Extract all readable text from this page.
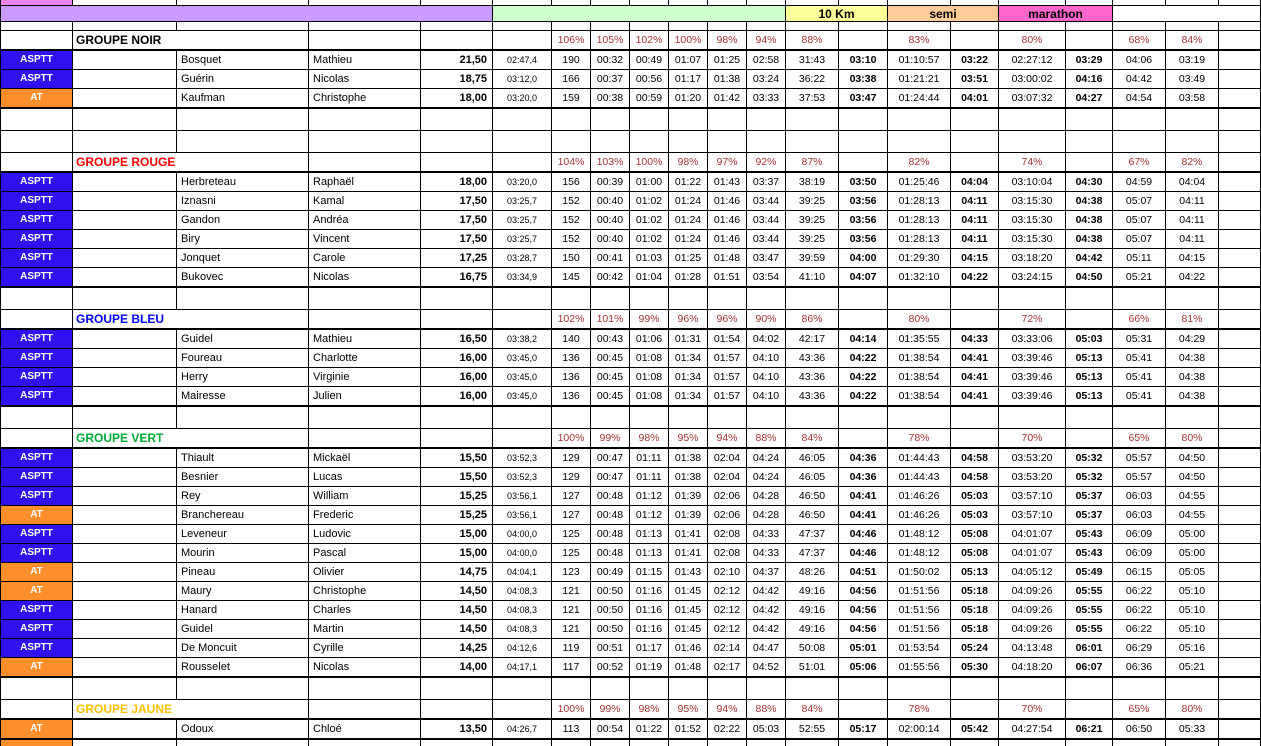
												10 Km		semi		marathon				

	GROUPE NOIR					106%	105%	102%	100%	98%	94%	88%		83%		80%		68%	84%	
ASPTT		Bosquet	Mathieu	21,50	02:47,4	190	00:32	00:49	01:07	01:25	02:58	31:43	03:10	01:10:57	03:22	02:27:12	03:29	04:06	03:19	
ASPTT		Guérin	Nicolas	18,75	03:12,0	166	00:37	00:56	01:17	01:38	03:24	36:22	03:38	01:21:21	03:51	03:00:02	04:16	04:42	03:49	
AT		Kaufman	Christophe	18,00	03:20,0	159	00:38	00:59	01:20	01:42	03:33	37:53	03:47	01:24:44	04:01	03:07:32	04:27	04:54	03:58	

	GROUPE ROUGE					104%	103%	100%	98%	97%	92%	87%		82%		74%		67%	82%	
ASPTT		Herbreteau	Raphaël	18,00	03:20,0	156	00:39	01:00	01:22	01:43	03:37	38:19	03:50	01:25:46	04:04	03:10:04	04:30	04:59	04:04	
ASPTT		Iznasni	Kamal	17,50	03:25,7	152	00:40	01:02	01:24	01:46	03:44	39:25	03:56	01:28:13	04:11	03:15:30	04:38	05:07	04:11	
ASPTT		Gandon	Andréa	17,50	03:25,7	152	00:40	01:02	01:24	01:46	03:44	39:25	03:56	01:28:13	04:11	03:15:30	04:38	05:07	04:11	
ASPTT		Biry	Vincent	17,50	03:25,7	152	00:40	01:02	01:24	01:46	03:44	39:25	03:56	01:28:13	04:11	03:15:30	04:38	05:07	04:11	
ASPTT		Jonquet	Carole	17,25	03:28,7	150	00:41	01:03	01:25	01:48	03:47	39:59	04:00	01:29:30	04:15	03:18:20	04:42	05:11	04:15	
ASPTT		Bukovec	Nicolas	16,75	03:34,9	145	00:42	01:04	01:28	01:51	03:54	41:10	04:07	01:32:10	04:22	03:24:15	04:50	05:21	04:22	

	GROUPE BLEU					102%	101%	99%	96%	96%	90%	86%		80%		72%		66%	81%	
ASPTT		Guidel	Mathieu	16,50	03:38,2	140	00:43	01:06	01:31	01:54	04:02	42:17	04:14	01:35:55	04:33	03:33:06	05:03	05:31	04:29	
ASPTT		Foureau	Charlotte	16,00	03:45,0	136	00:45	01:08	01:34	01:57	04:10	43:36	04:22	01:38:54	04:41	03:39:46	05:13	05:41	04:38	
ASPTT		Herry	Virginie	16,00	03:45,0	136	00:45	01:08	01:34	01:57	04:10	43:36	04:22	01:38:54	04:41	03:39:46	05:13	05:41	04:38	
ASPTT		Mairesse	Julien	16,00	03:45,0	136	00:45	01:08	01:34	01:57	04:10	43:36	04:22	01:38:54	04:41	03:39:46	05:13	05:41	04:38	

	GROUPE VERT					100%	99%	98%	95%	94%	88%	84%		78%		70%		65%	80%	
ASPTT		Thiault	Mickaël	15,50	03:52,3	129	00:47	01:11	01:38	02:04	04:24	46:05	04:36	01:44:43	04:58	03:53:20	05:32	05:57	04:50	
ASPTT		Besnier	Lucas	15,50	03:52,3	129	00:47	01:11	01:38	02:04	04:24	46:05	04:36	01:44:43	04:58	03:53:20	05:32	05:57	04:50	
ASPTT		Rey	William	15,25	03:56,1	127	00:48	01:12	01:39	02:06	04:28	46:50	04:41	01:46:26	05:03	03:57:10	05:37	06:03	04:55	
AT		Branchereau	Frederic	15,25	03:56,1	127	00:48	01:12	01:39	02:06	04:28	46:50	04:41	01:46:26	05:03	03:57:10	05:37	06:03	04:55	
ASPTT		Leveneur	Ludovic	15,00	04:00,0	125	00:48	01:13	01:41	02:08	04:33	47:37	04:46	01:48:12	05:08	04:01:07	05:43	06:09	05:00	
ASPTT		Mourin	Pascal	15,00	04:00,0	125	00:48	01:13	01:41	02:08	04:33	47:37	04:46	01:48:12	05:08	04:01:07	05:43	06:09	05:00	
AT		Pineau	Olivier	14,75	04:04,1	123	00:49	01:15	01:43	02:10	04:37	48:26	04:51	01:50:02	05:13	04:05:12	05:49	06:15	05:05	
AT		Maury	Christophe	14,50	04:08,3	121	00:50	01:16	01:45	02:12	04:42	49:16	04:56	01:51:56	05:18	04:09:26	05:55	06:22	05:10	
ASPTT		Hanard	Charles	14,50	04:08,3	121	00:50	01:16	01:45	02:12	04:42	49:16	04:56	01:51:56	05:18	04:09:26	05:55	06:22	05:10	
ASPTT		Guidel	Martin	14,50	04:08,3	121	00:50	01:16	01:45	02:12	04:42	49:16	04:56	01:51:56	05:18	04:09:26	05:55	06:22	05:10	
ASPTT		De Moncuit	Cyrille	14,25	04:12,6	119	00:51	01:17	01:46	02:14	04:47	50:08	05:01	01:53:54	05:24	04:13:48	06:01	06:29	05:16	
AT		Rousselet	Nicolas	14,00	04:17,1	117	00:52	01:19	01:48	02:17	04:52	51:01	05:06	01:55:56	05:30	04:18:20	06:07	06:36	05:21	

	GROUPE JAUNE					100%	99%	98%	95%	94%	88%	84%		78%		70%		65%	80%	
AT		Odoux	Chloé	13,50	04:26,7	113	00:54	01:22	01:52	02:22	05:03	52:55	05:17	02:00:14	05:42	04:27:54	06:21	06:50	05:33	
